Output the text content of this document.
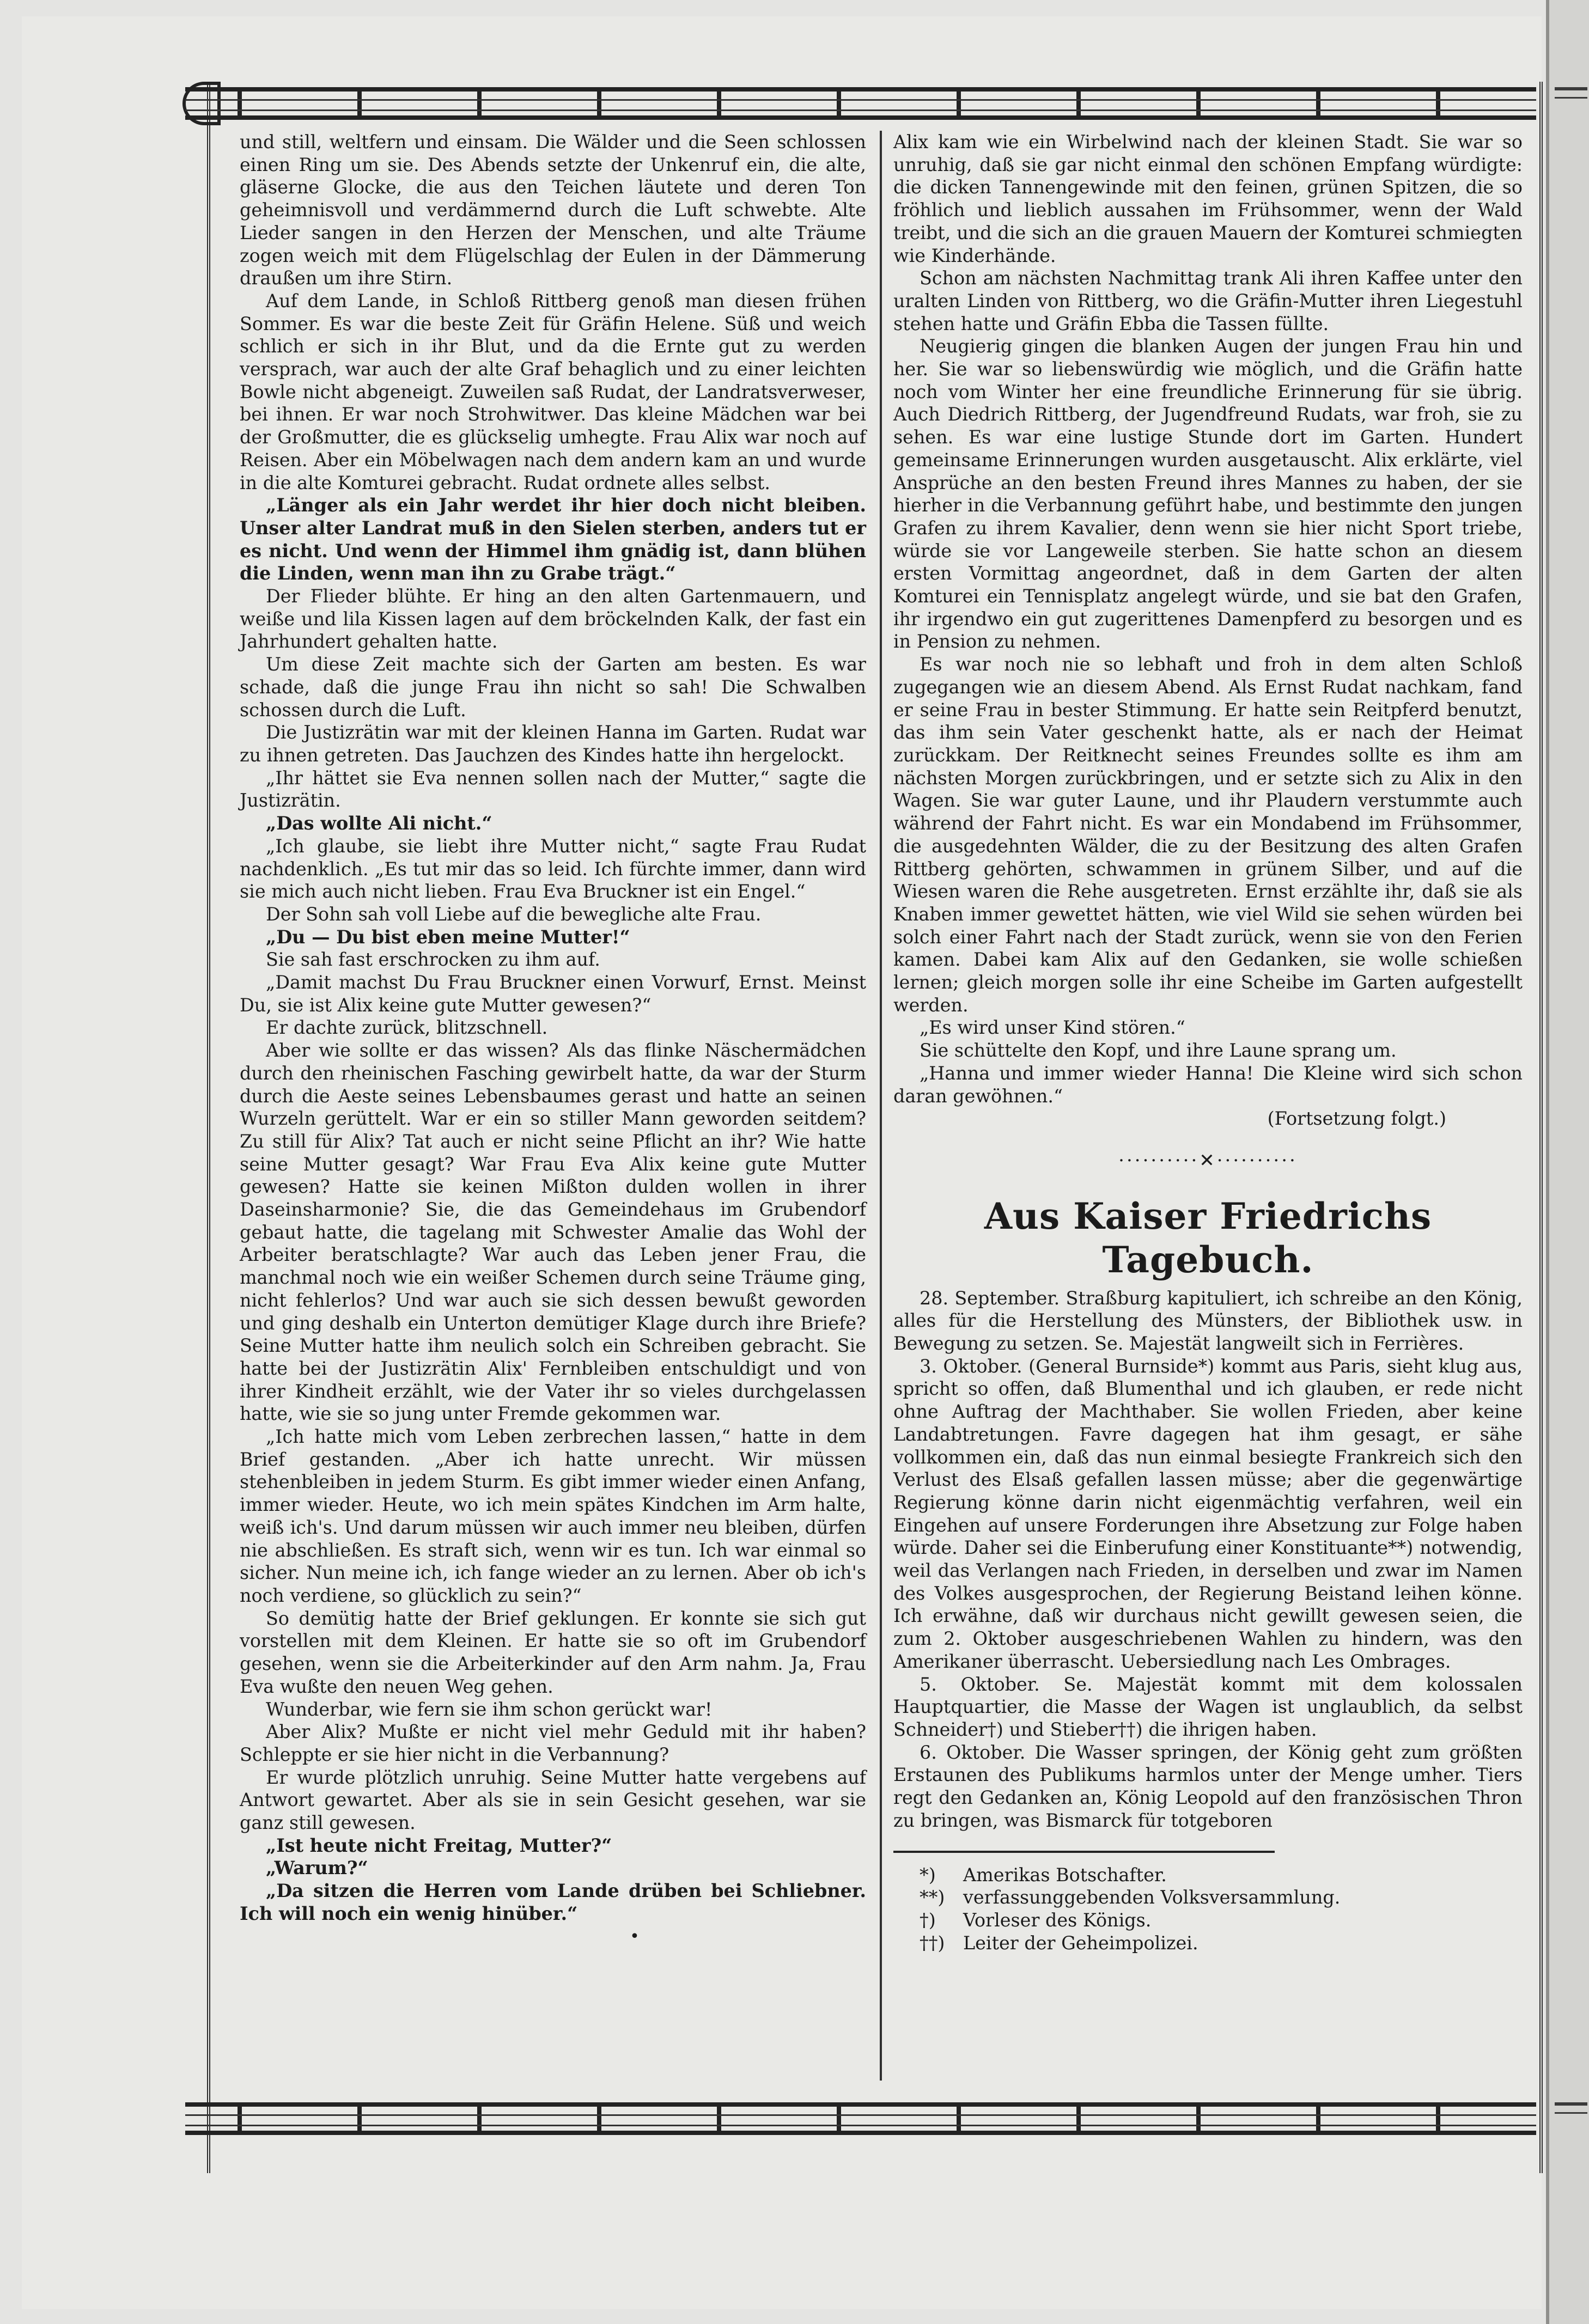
und still, weltfern und einsam. Die Wälder und die Seen schlossen einen Ring um sie. Des Abends setzte der Unkenruf ein, die alte, gläserne Glocke, die aus den Teichen läutete und deren Ton geheimnisvoll und verdämmernd durch die Luft schwebte. Alte Lieder sangen in den Herzen der Menschen, und alte Träume zogen weich mit dem Flügelschlag der Eulen in der Dämmerung draußen um ihre Stirn.

Auf dem Lande, in Schloß Rittberg genoß man diesen frühen Sommer. Es war die beste Zeit für Gräfin Helene. Süß und weich schlich er sich in ihr Blut, und da die Ernte gut zu werden versprach, war auch der alte Graf behaglich und zu einer leichten Bowle nicht abgeneigt. Zuweilen saß Rudat, der Landratsverweser, bei ihnen. Er war noch Strohwitwer. Das kleine Mädchen war bei der Großmutter, die es glückselig umhegte. Frau Alix war noch auf Reisen. Aber ein Möbelwagen nach dem andern kam an und wurde in die alte Komturei gebracht. Rudat ordnete alles selbst.

„Länger als ein Jahr werdet ihr hier doch nicht bleiben. Unser alter Landrat muß in den Sielen sterben, anders tut er es nicht. Und wenn der Himmel ihm gnädig ist, dann blühen die Linden, wenn man ihn zu Grabe trägt.“

Der Flieder blühte. Er hing an den alten Gartenmauern, und weiße und lila Kissen lagen auf dem bröckelnden Kalk, der fast ein Jahrhundert gehalten hatte.

Um diese Zeit machte sich der Garten am besten. Es war schade, daß die junge Frau ihn nicht so sah! Die Schwalben schossen durch die Luft.

Die Justizrätin war mit der kleinen Hanna im Garten. Rudat war zu ihnen getreten. Das Jauchzen des Kindes hatte ihn hergelockt.

„Ihr hättet sie Eva nennen sollen nach der Mutter,“ sagte die Justizrätin.

„Das wollte Ali nicht.“

„Ich glaube, sie liebt ihre Mutter nicht,“ sagte Frau Rudat nachdenklich. „Es tut mir das so leid. Ich fürchte immer, dann wird sie mich auch nicht lieben. Frau Eva Bruckner ist ein Engel.“

Der Sohn sah voll Liebe auf die bewegliche alte Frau.

„Du — Du bist eben meine Mutter!“

Sie sah fast erschrocken zu ihm auf.

„Damit machst Du Frau Bruckner einen Vorwurf, Ernst. Meinst Du, sie ist Alix keine gute Mutter gewesen?“

Er dachte zurück, blitzschnell.

Aber wie sollte er das wissen? Als das flinke Näschermädchen durch den rheinischen Fasching gewirbelt hatte, da war der Sturm durch die Aeste seines Lebensbaumes gerast und hatte an seinen Wurzeln gerüttelt. War er ein so stiller Mann geworden seitdem? Zu still für Alix? Tat auch er nicht seine Pflicht an ihr? Wie hatte seine Mutter gesagt? War Frau Eva Alix keine gute Mutter gewesen? Hatte sie keinen Mißton dulden wollen in ihrer Daseinsharmonie? Sie, die das Gemeindehaus im Grubendorf gebaut hatte, die tagelang mit Schwester Amalie das Wohl der Arbeiter beratschlagte? War auch das Leben jener Frau, die manchmal noch wie ein weißer Schemen durch seine Träume ging, nicht fehlerlos? Und war auch sie sich dessen bewußt geworden und ging deshalb ein Unterton demütiger Klage durch ihre Briefe? Seine Mutter hatte ihm neulich solch ein Schreiben gebracht. Sie hatte bei der Justizrätin Alix' Fernbleiben entschuldigt und von ihrer Kindheit erzählt, wie der Vater ihr so vieles durchgelassen hatte, wie sie so jung unter Fremde gekommen war.

„Ich hatte mich vom Leben zerbrechen lassen,“ hatte in dem Brief gestanden. „Aber ich hatte unrecht. Wir müssen stehenbleiben in jedem Sturm. Es gibt immer wieder einen Anfang, immer wieder. Heute, wo ich mein spätes Kindchen im Arm halte, weiß ich's. Und darum müssen wir auch immer neu bleiben, dürfen nie abschließen. Es straft sich, wenn wir es tun. Ich war einmal so sicher. Nun meine ich, ich fange wieder an zu lernen. Aber ob ich's noch verdiene, so glücklich zu sein?“

So demütig hatte der Brief geklungen. Er konnte sie sich gut vorstellen mit dem Kleinen. Er hatte sie so oft im Grubendorf gesehen, wenn sie die Arbeiterkinder auf den Arm nahm. Ja, Frau Eva wußte den neuen Weg gehen.

Wunderbar, wie fern sie ihm schon gerückt war!

Aber Alix? Mußte er nicht viel mehr Geduld mit ihr haben? Schleppte er sie hier nicht in die Verbannung?

Er wurde plötzlich unruhig. Seine Mutter hatte vergebens auf Antwort gewartet. Aber als sie in sein Gesicht gesehen, war sie ganz still gewesen.

„Ist heute nicht Freitag, Mutter?“

„Warum?“

„Da sitzen die Herren vom Lande drüben bei Schliebner. Ich will noch ein wenig hinüber.“

•

Alix kam wie ein Wirbelwind nach der kleinen Stadt. Sie war so unruhig, daß sie gar nicht einmal den schönen Empfang würdigte: die dicken Tannengewinde mit den feinen, grünen Spitzen, die so fröhlich und lieblich aussahen im Frühsommer, wenn der Wald treibt, und die sich an die grauen Mauern der Komturei schmiegten wie Kinderhände.

Schon am nächsten Nachmittag trank Ali ihren Kaffee unter den uralten Linden von Rittberg, wo die Gräfin-Mutter ihren Liegestuhl stehen hatte und Gräfin Ebba die Tassen füllte.

Neugierig gingen die blanken Augen der jungen Frau hin und her. Sie war so liebenswürdig wie möglich, und die Gräfin hatte noch vom Winter her eine freundliche Erinnerung für sie übrig. Auch Diedrich Rittberg, der Jugendfreund Rudats, war froh, sie zu sehen. Es war eine lustige Stunde dort im Garten. Hundert gemeinsame Erinnerungen wurden ausgetauscht. Alix erklärte, viel Ansprüche an den besten Freund ihres Mannes zu haben, der sie hierher in die Verbannung geführt habe, und bestimmte den jungen Grafen zu ihrem Kavalier, denn wenn sie hier nicht Sport triebe, würde sie vor Langeweile sterben. Sie hatte schon an diesem ersten Vormittag angeordnet, daß in dem Garten der alten Komturei ein Tennisplatz angelegt würde, und sie bat den Grafen, ihr irgendwo ein gut zugerittenes Damenpferd zu besorgen und es in Pension zu nehmen.

Es war noch nie so lebhaft und froh in dem alten Schloß zugegangen wie an diesem Abend. Als Ernst Rudat nachkam, fand er seine Frau in bester Stimmung. Er hatte sein Reitpferd benutzt, das ihm sein Vater geschenkt hatte, als er nach der Heimat zurückkam. Der Reitknecht seines Freundes sollte es ihm am nächsten Morgen zurückbringen, und er setzte sich zu Alix in den Wagen. Sie war guter Laune, und ihr Plaudern verstummte auch während der Fahrt nicht. Es war ein Mondabend im Frühsommer, die ausgedehnten Wälder, die zu der Besitzung des alten Grafen Rittberg gehörten, schwammen in grünem Silber, und auf die Wiesen waren die Rehe ausgetreten. Ernst erzählte ihr, daß sie als Knaben immer gewettet hätten, wie viel Wild sie sehen würden bei solch einer Fahrt nach der Stadt zurück, wenn sie von den Ferien kamen. Dabei kam Alix auf den Gedanken, sie wolle schießen lernen; gleich morgen solle ihr eine Scheibe im Garten aufgestellt werden.

„Es wird unser Kind stören.“

Sie schüttelte den Kopf, und ihre Laune sprang um.

„Hanna und immer wieder Hanna! Die Kleine wird sich schon daran gewöhnen.“

(Fortsetzung folgt.)

··········✕··········
Aus Kaiser Friedrichs Tagebuch.

28. September. Straßburg kapituliert, ich schreibe an den König, alles für die Herstellung des Münsters, der Bibliothek usw. in Bewegung zu setzen. Se. Majestät langweilt sich in Ferrières.

3. Oktober. (General Burnside*) kommt aus Paris, sieht klug aus, spricht so offen, daß Blumenthal und ich glauben, er rede nicht ohne Auftrag der Machthaber. Sie wollen Frieden, aber keine Landabtretungen. Favre dagegen hat ihm gesagt, er sähe vollkommen ein, daß das nun einmal besiegte Frankreich sich den Verlust des Elsaß gefallen lassen müsse; aber die gegenwärtige Regierung könne darin nicht eigenmächtig verfahren, weil ein Eingehen auf unsere Forderungen ihre Absetzung zur Folge haben würde. Daher sei die Einberufung einer Konstituante**) notwendig, weil das Verlangen nach Frieden, in derselben und zwar im Namen des Volkes ausgesprochen, der Regierung Beistand leihen könne. Ich erwähne, daß wir durchaus nicht gewillt gewesen seien, die zum 2. Oktober ausgeschriebenen Wahlen zu hindern, was den Amerikaner überrascht. Uebersiedlung nach Les Ombrages.

5. Oktober. Se. Majestät kommt mit dem kolossalen Hauptquartier, die Masse der Wagen ist unglaublich, da selbst Schneider†) und Stieber††) die ihrigen haben.

6. Oktober. Die Wasser springen, der König geht zum größten Erstaunen des Publikums harmlos unter der Menge umher. Tiers regt den Gedanken an, König Leopold auf den französischen Thron zu bringen, was Bismarck für totgeboren

*) Amerikas Botschafter.
**) verfassunggebenden Volksversammlung.
†) Vorleser des Königs.
††) Leiter der Geheimpolizei.
